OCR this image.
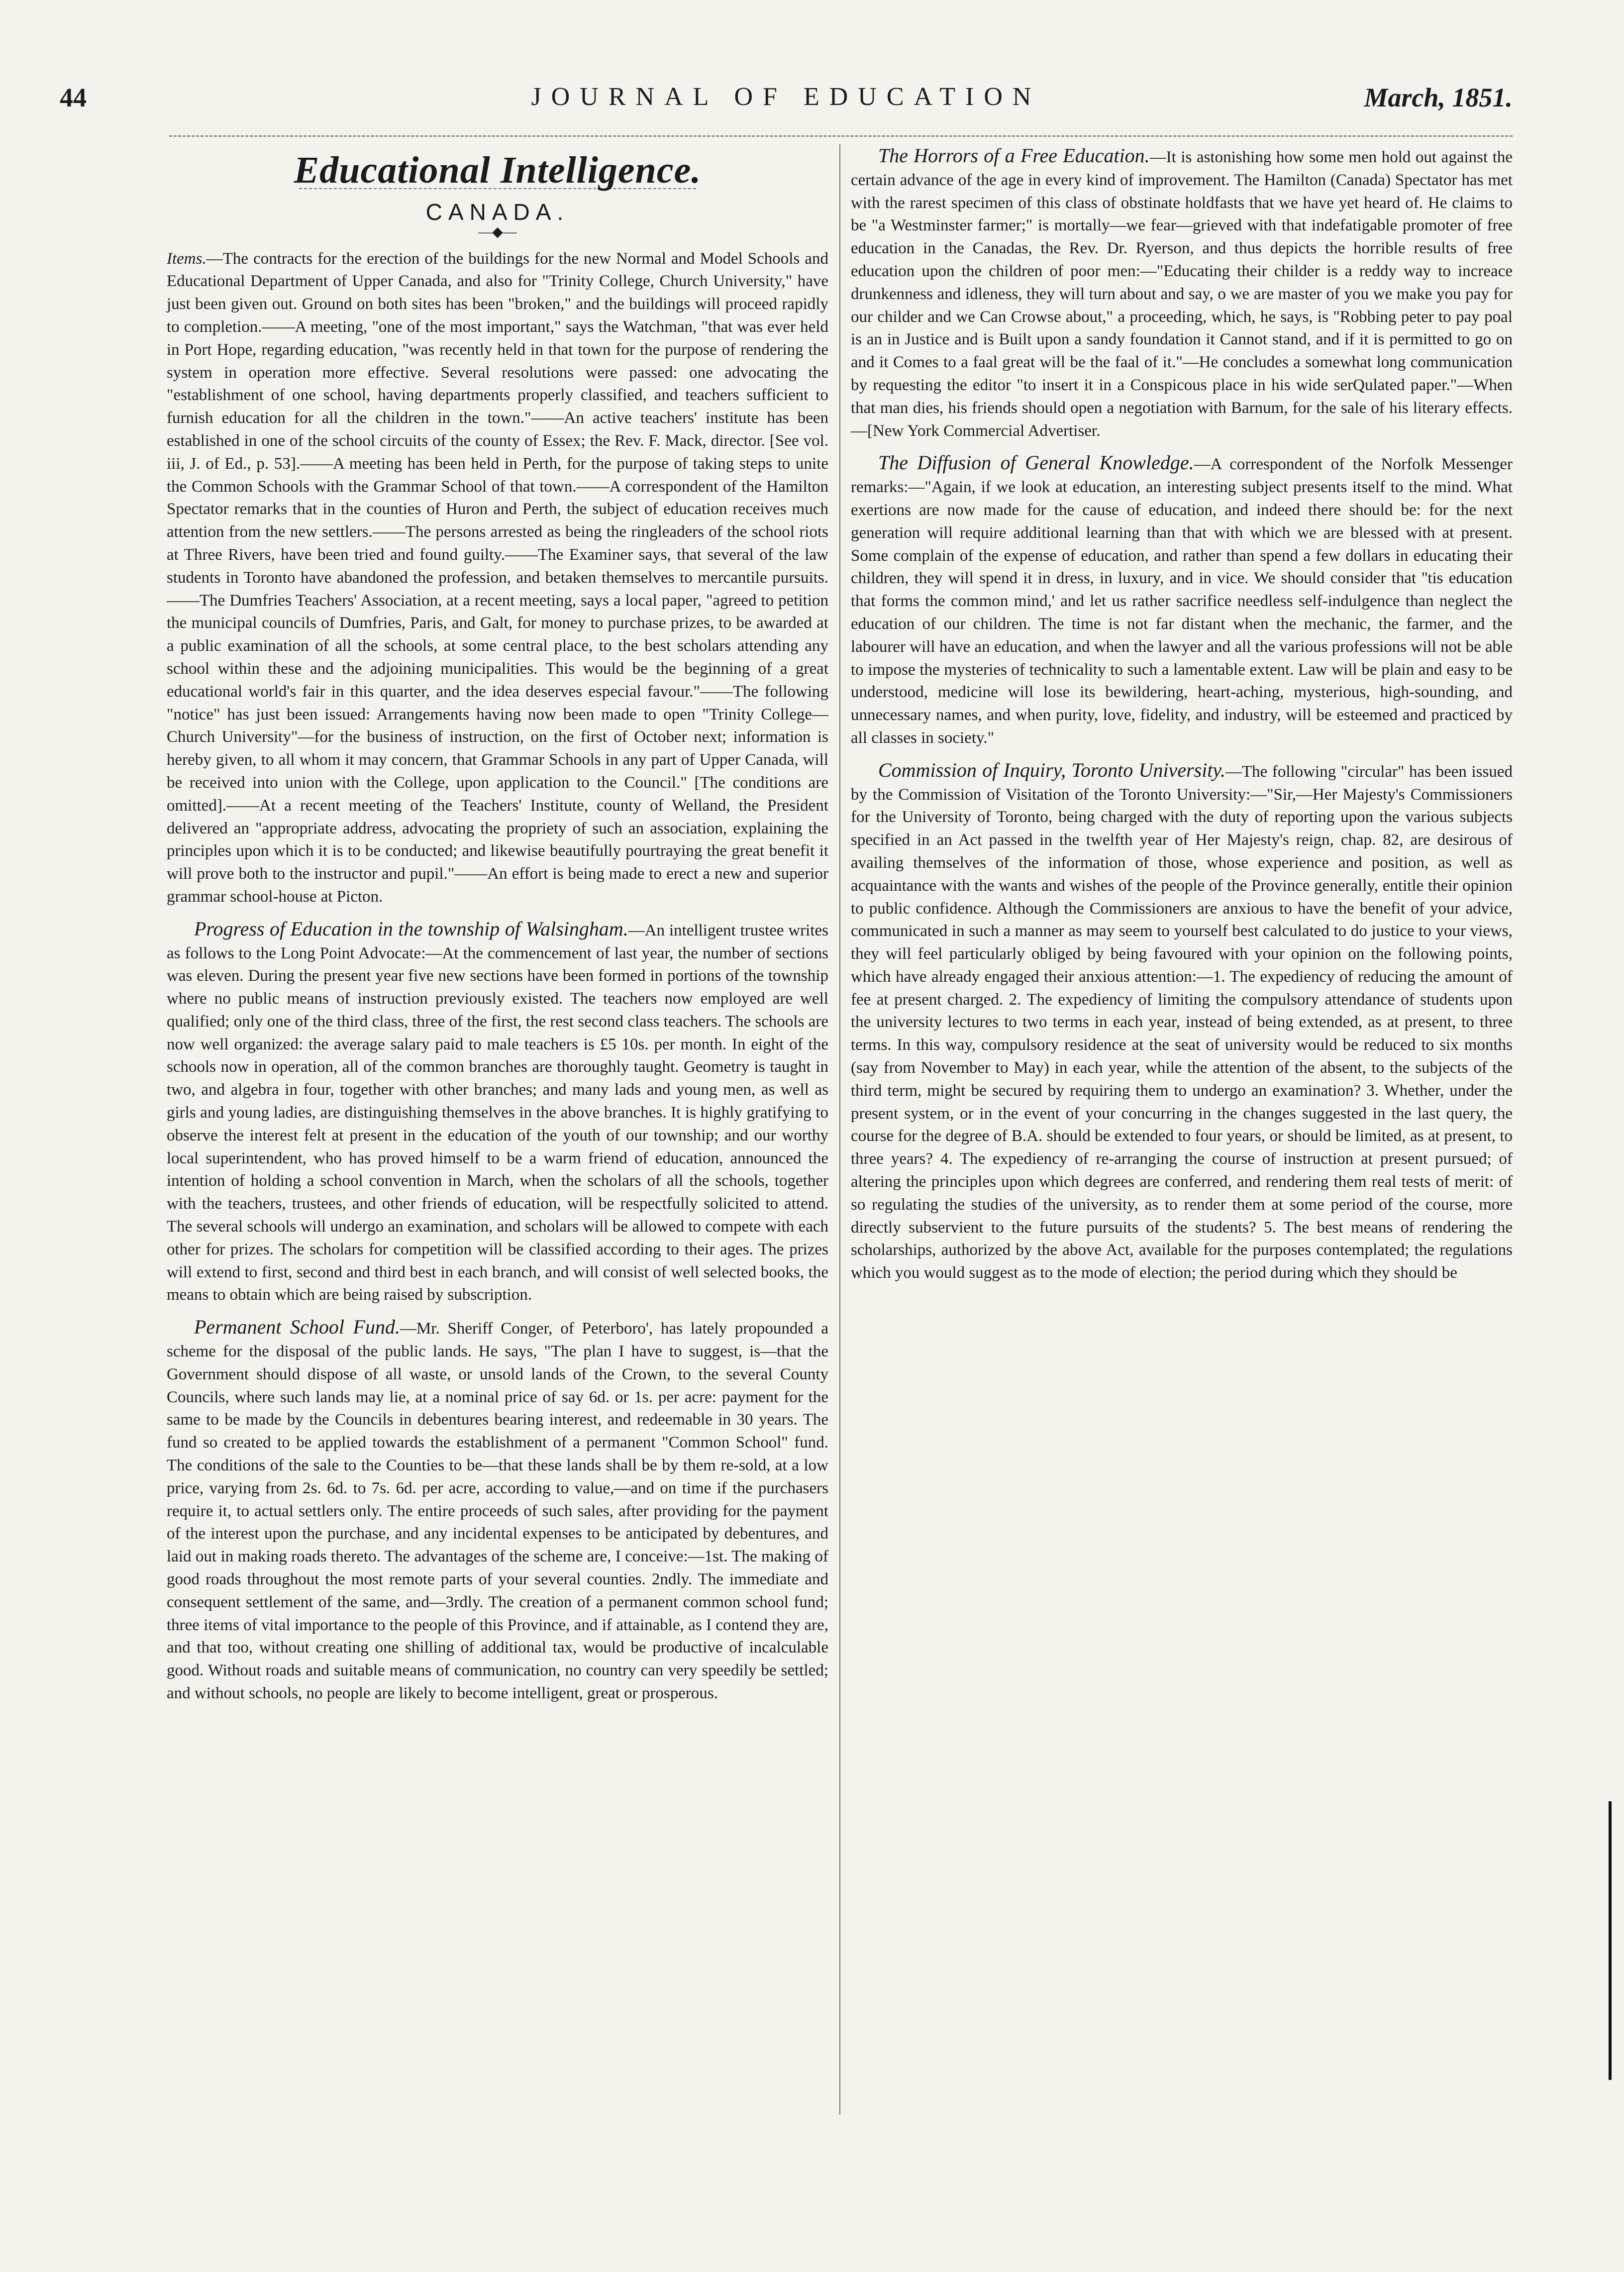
44	JOURNAL OF EDUCATION	March, 1851.
Educational Intelligence.
CANADA.
—◆—

Items.—The contracts for the erection of the buildings for the new Normal and Model Schools and Educational Department of Upper Canada, and also for "Trinity College, Church University," have just been given out. Ground on both sites has been "broken," and the buildings will proceed rapidly to completion.——A meeting, "one of the most important," says the Watchman, "that was ever held in Port Hope, regarding education, "was recently held in that town for the purpose of rendering the system in operation more effective. Several resolutions were passed: one advocating the "establishment of one school, having departments properly classified, and teachers sufficient to furnish education for all the children in the town."——An active teachers' institute has been established in one of the school circuits of the county of Essex; the Rev. F. Mack, director. [See vol. iii, J. of Ed., p. 53].——A meeting has been held in Perth, for the purpose of taking steps to unite the Common Schools with the Grammar School of that town.——A correspondent of the Hamilton Spectator remarks that in the counties of Huron and Perth, the subject of education receives much attention from the new settlers.——The persons arrested as being the ringleaders of the school riots at Three Rivers, have been tried and found guilty.——The Examiner says, that several of the law students in Toronto have abandoned the profession, and betaken themselves to mercantile pursuits.——The Dumfries Teachers' Association, at a recent meeting, says a local paper, "agreed to petition the municipal councils of Dumfries, Paris, and Galt, for money to purchase prizes, to be awarded at a public examination of all the schools, at some central place, to the best scholars attending any school within these and the adjoining municipalities. This would be the beginning of a great educational world's fair in this quarter, and the idea deserves especial favour."——The following "notice" has just been issued: Arrangements having now been made to open "Trinity College—Church University"—for the business of instruction, on the first of October next; information is hereby given, to all whom it may concern, that Grammar Schools in any part of Upper Canada, will be received into union with the College, upon application to the Council." [The conditions are omitted].——At a recent meeting of the Teachers' Institute, county of Welland, the President delivered an "appropriate address, advocating the propriety of such an association, explaining the principles upon which it is to be conducted; and likewise beautifully pourtraying the great benefit it will prove both to the instructor and pupil."——An effort is being made to erect a new and superior grammar school-house at Picton.

Progress of Education in the township of Walsingham.—An intelligent trustee writes as follows to the Long Point Advocate:—At the commencement of last year, the number of sections was eleven. During the present year five new sections have been formed in portions of the township where no public means of instruction previously existed. The teachers now employed are well qualified; only one of the third class, three of the first, the rest second class teachers. The schools are now well organized: the average salary paid to male teachers is £5 10s. per month. In eight of the schools now in operation, all of the common branches are thoroughly taught. Geometry is taught in two, and algebra in four, together with other branches; and many lads and young men, as well as girls and young ladies, are distinguishing themselves in the above branches. It is highly gratifying to observe the interest felt at present in the education of the youth of our township; and our worthy local superintendent, who has proved himself to be a warm friend of education, announced the intention of holding a school convention in March, when the scholars of all the schools, together with the teachers, trustees, and other friends of education, will be respectfully solicited to attend. The several schools will undergo an examination, and scholars will be allowed to compete with each other for prizes. The scholars for competition will be classified according to their ages. The prizes will extend to first, second and third best in each branch, and will consist of well selected books, the means to obtain which are being raised by subscription.

Permanent School Fund.—Mr. Sheriff Conger, of Peterboro', has lately propounded a scheme for the disposal of the public lands. He says, "The plan I have to suggest, is—that the Government should dispose of all waste, or unsold lands of the Crown, to the several County Councils, where such lands may lie, at a nominal price of say 6d. or 1s. per acre: payment for the same to be made by the Councils in debentures bearing interest, and redeemable in 30 years. The fund so created to be applied towards the establishment of a permanent "Common School" fund. The conditions of the sale to the Counties to be—that these lands shall be by them re-sold, at a low price, varying from 2s. 6d. to 7s. 6d. per acre, according to value,—and on time if the purchasers require it, to actual settlers only. The entire proceeds of such sales, after providing for the payment of the interest upon the purchase, and any incidental expenses to be anticipated by debentures, and laid out in making roads thereto. The advantages of the scheme are, I conceive:—1st. The making of good roads throughout the most remote parts of your several counties. 2ndly. The immediate and consequent settlement of the same, and—3rdly. The creation of a permanent common school fund; three items of vital importance to the people of this Province, and if attainable, as I contend they are, and that too, without creating one shilling of additional tax, would be productive of incalculable good. Without roads and suitable means of communication, no country can very speedily be settled; and without schools, no people are likely to become intelligent, great or prosperous.

The Horrors of a Free Education.—It is astonishing how some men hold out against the certain advance of the age in every kind of improvement. The Hamilton (Canada) Spectator has met with the rarest specimen of this class of obstinate holdfasts that we have yet heard of. He claims to be "a Westminster farmer;" is mortally—we fear—grieved with that indefatigable promoter of free education in the Canadas, the Rev. Dr. Ryerson, and thus depicts the horrible results of free education upon the children of poor men:—"Educating their childer is a reddy way to increace drunkenness and idleness, they will turn about and say, o we are master of you we make you pay for our childer and we Can Crowse about," a proceeding, which, he says, is "Robbing peter to pay poal is an in Justice and is Built upon a sandy foundation it Cannot stand, and if it is permitted to go on and it Comes to a faal great will be the faal of it."—He concludes a somewhat long communication by requesting the editor "to insert it in a Conspicous place in his wide serQulated paper."—When that man dies, his friends should open a negotiation with Barnum, for the sale of his literary effects.—[New York Commercial Advertiser.

The Diffusion of General Knowledge.—A correspondent of the Norfolk Messenger remarks:—"Again, if we look at education, an interesting subject presents itself to the mind. What exertions are now made for the cause of education, and indeed there should be: for the next generation will require additional learning than that with which we are blessed with at present. Some complain of the expense of education, and rather than spend a few dollars in educating their children, they will spend it in dress, in luxury, and in vice. We should consider that ''tis education that forms the common mind,' and let us rather sacrifice needless self-indulgence than neglect the education of our children. The time is not far distant when the mechanic, the farmer, and the labourer will have an education, and when the lawyer and all the various professions will not be able to impose the mysteries of technicality to such a lamentable extent. Law will be plain and easy to be understood, medicine will lose its bewildering, heart-aching, mysterious, high-sounding, and unnecessary names, and when purity, love, fidelity, and industry, will be esteemed and practiced by all classes in society."

Commission of Inquiry, Toronto University.—The following "circular" has been issued by the Commission of Visitation of the Toronto University:—"Sir,—Her Majesty's Commissioners for the University of Toronto, being charged with the duty of reporting upon the various subjects specified in an Act passed in the twelfth year of Her Majesty's reign, chap. 82, are desirous of availing themselves of the information of those, whose experience and position, as well as acquaintance with the wants and wishes of the people of the Province generally, entitle their opinion to public confidence. Although the Commissioners are anxious to have the benefit of your advice, communicated in such a manner as may seem to yourself best calculated to do justice to your views, they will feel particularly obliged by being favoured with your opinion on the following points, which have already engaged their anxious attention:—1. The expediency of reducing the amount of fee at present charged. 2. The expediency of limiting the compulsory attendance of students upon the university lectures to two terms in each year, instead of being extended, as at present, to three terms. In this way, compulsory residence at the seat of university would be reduced to six months (say from November to May) in each year, while the attention of the absent, to the subjects of the third term, might be secured by requiring them to undergo an examination? 3. Whether, under the present system, or in the event of your concurring in the changes suggested in the last query, the course for the degree of B.A. should be extended to four years, or should be limited, as at present, to three years? 4. The expediency of re-arranging the course of instruction at present pursued; of altering the principles upon which degrees are conferred, and rendering them real tests of merit: of so regulating the studies of the university, as to render them at some period of the course, more directly subservient to the future pursuits of the students? 5. The best means of rendering the scholarships, authorized by the above Act, available for the purposes contemplated; the regulations which you would suggest as to the mode of election; the period during which they should be
